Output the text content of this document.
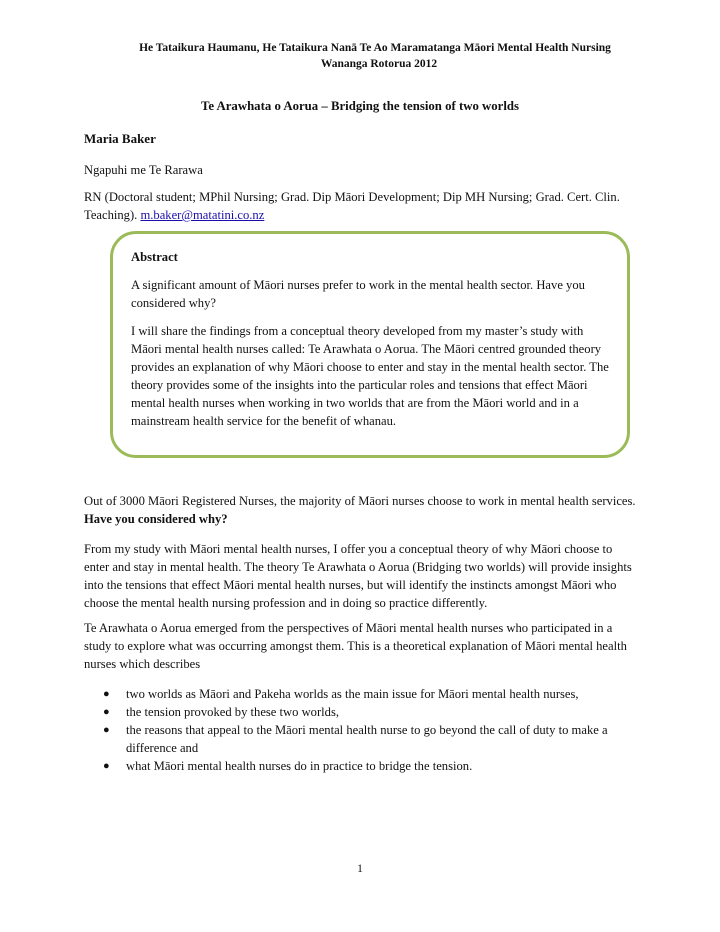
He Tataikura Haumanu, He Tataikura Nanā Te Ao Maramatanga Māori Mental Health Nursing
Wananga Rotorua 2012
Te Arawhata o Aorua – Bridging the tension of two worlds
Maria Baker
Ngapuhi me Te Rarawa
RN (Doctoral student; MPhil Nursing; Grad. Dip Māori Development; Dip MH Nursing; Grad. Cert. Clin. Teaching). m.baker@matatini.co.nz

Abstract

A significant amount of Māori nurses prefer to work in the mental health sector. Have you considered why?

I will share the findings from a conceptual theory developed from my master’s study with Māori mental health nurses called: Te Arawhata o Aorua. The Māori centred grounded theory provides an explanation of why Māori choose to enter and stay in the mental health sector. The theory provides some of the insights into the particular roles and tensions that effect Māori mental health nurses when working in two worlds that are from the Māori world and in a mainstream health service for the benefit of whanau.

Out of 3000 Māori Registered Nurses, the majority of Māori nurses choose to work in mental health services. Have you considered why?

From my study with Māori mental health nurses, I offer you a conceptual theory of why Māori choose to enter and stay in mental health. The theory Te Arawhata o Aorua (Bridging two worlds) will provide insights into the tensions that effect Māori mental health nurses, but will identify the instincts amongst Māori who choose the mental health nursing profession and in doing so practice differently.

Te Arawhata o Aorua emerged from the perspectives of Māori mental health nurses who participated in a study to explore what was occurring amongst them. This is a theoretical explanation of Māori mental health nurses which describes

● two worlds as Māori and Pakeha worlds as the main issue for Māori mental health nurses,
● the tension provoked by these two worlds,
● the reasons that appeal to the Māori mental health nurse to go beyond the call of duty to make a difference and
● what Māori mental health nurses do in practice to bridge the tension.
1
